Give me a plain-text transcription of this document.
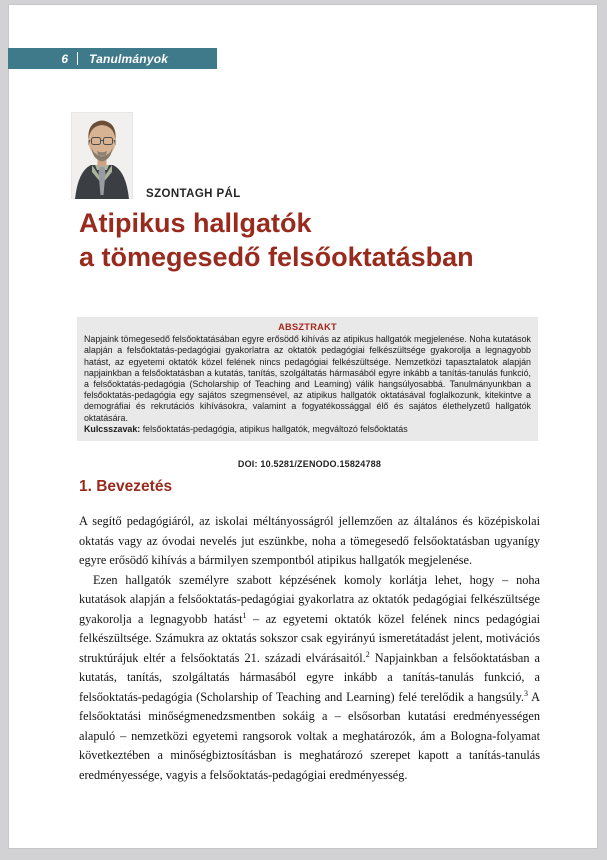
6	Tanulmányok
SZONTAGH PÁL
Atipikus hallgatók
a tömegesedő felsőoktatásban
ABSZTRAKT
Napjaink tömegesedő felsőoktatásában egyre erősödő kihívás az atipikus hallgatók megjelenése. Noha kutatások alapján a felsőoktatás-pedagógiai gyakorlatra az oktatók pedagógiai felkészültsége gyakorolja a legnagyobb hatást, az egyetemi oktatók közel felének nincs pedagógiai felkészültsége. Nemzetközi tapasztalatok alapján napjainkban a felsőoktatásban a kutatás, tanítás, szolgáltatás hármasából egyre inkább a tanítás-tanulás funkció, a felsőoktatás-pedagógia (Scholarship of Teaching and Learning) válik hangsúlyosabbá. Tanulmányunkban a felsőoktatás-pedagógia egy sajátos szegmensével, az atipikus hallgatók oktatásával foglalkozunk, kitekintve a demográfiai és rekrutációs kihívásokra, valamint a fogyatékossággal élő és sajátos élethelyzetű hallgatók oktatására.
Kulcsszavak: felsőoktatás-pedagógia, atipikus hallgatók, megváltozó felsőoktatás
DOI: 10.5281/ZENODO.15824788
1. Bevezetés

A segítő pedagógiáról, az iskolai méltányosságról jellemzően az általános és középiskolai oktatás vagy az óvodai nevelés jut eszünkbe, noha a tömegesedő felsőoktatásban ugyanígy egyre erősödő kihívás a bármilyen szempontból atipikus hallgatók megjelenése.

Ezen hallgatók személyre szabott képzésének komoly korlátja lehet, hogy – noha kutatások alapján a felsőoktatás-pedagógiai gyakorlatra az oktatók pedagógiai felkészültsége gyakorolja a legnagyobb hatást$^1$ – az egyetemi oktatók közel felének nincs pedagógiai felkészültsége. Számukra az oktatás sokszor csak egyirányú ismeretátadást jelent, motivációs struktúrájuk eltér a felsőoktatás 21. századi elvárásaitól.$^2$ Napjainkban a felsőoktatásban a kutatás, tanítás, szolgáltatás hármasából egyre inkább a tanítás-tanulás funkció, a felsőoktatás-pedagógia (Scholarship of Teaching and Learning) felé terelődik a hangsúly.$^3$ A felsőoktatási minőségmenedzsmentben sokáig a – elsősorban kutatási eredményességen alapuló – nemzetközi egyetemi rangsorok voltak a meghatározók, ám a Bologna-folyamat következtében a minőségbiztosításban is meghatározó szerepet kapott a tanítás-tanulás eredményessége, vagyis a felsőoktatás-pedagógiai eredményesség.
